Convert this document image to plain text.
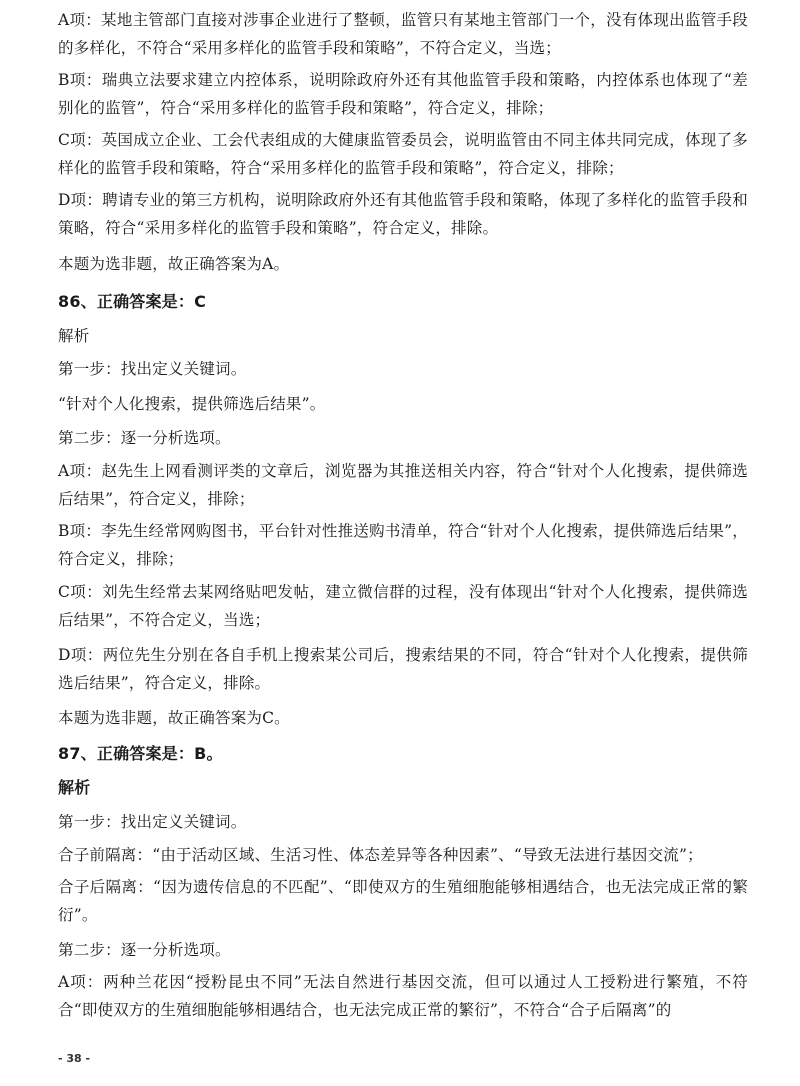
A项：某地主管部门直接对涉事企业进行了整顿，监管只有某地主管部门一个，没有体现出监管手段的多样化，不符合“采用多样化的监管手段和策略”，不符合定义，当选；

B项：瑞典立法要求建立内控体系，说明除政府外还有其他监管手段和策略，内控体系也体现了“差别化的监管”，符合“采用多样化的监管手段和策略”，符合定义，排除；

C项：英国成立企业、工会代表组成的大健康监管委员会，说明监管由不同主体共同完成，体现了多样化的监管手段和策略，符合“采用多样化的监管手段和策略”，符合定义，排除；

D项：聘请专业的第三方机构，说明除政府外还有其他监管手段和策略，体现了多样化的监管手段和策略，符合“采用多样化的监管手段和策略”，符合定义，排除。

本题为选非题，故正确答案为A。

86、正确答案是：C

解析

第一步：找出定义关键词。

“针对个人化搜索，提供筛选后结果”。

第二步：逐一分析选项。

A项：赵先生上网看测评类的文章后，浏览器为其推送相关内容，符合“针对个人化搜索，提供筛选后结果”，符合定义，排除；

B项：李先生经常网购图书，平台针对性推送购书清单，符合“针对个人化搜索，提供筛选后结果”，符合定义，排除；

C项：刘先生经常去某网络贴吧发帖，建立微信群的过程，没有体现出“针对个人化搜索，提供筛选后结果”，不符合定义，当选；

D项：两位先生分别在各自手机上搜索某公司后，搜索结果的不同，符合“针对个人化搜索，提供筛选后结果”，符合定义，排除。

本题为选非题，故正确答案为C。

87、正确答案是：B。

解析

第一步：找出定义关键词。

合子前隔离：“由于活动区域、生活习性、体态差异等各种因素”、“导致无法进行基因交流”；

合子后隔离：“因为遗传信息的不匹配”、“即使双方的生殖细胞能够相遇结合，也无法完成正常的繁衍”。

第二步：逐一分析选项。

A项：两种兰花因“授粉昆虫不同”无法自然进行基因交流，但可以通过人工授粉进行繁殖，不符合“即使双方的生殖细胞能够相遇结合，也无法完成正常的繁衍”，不符合“合子后隔离”的

- 38 -
